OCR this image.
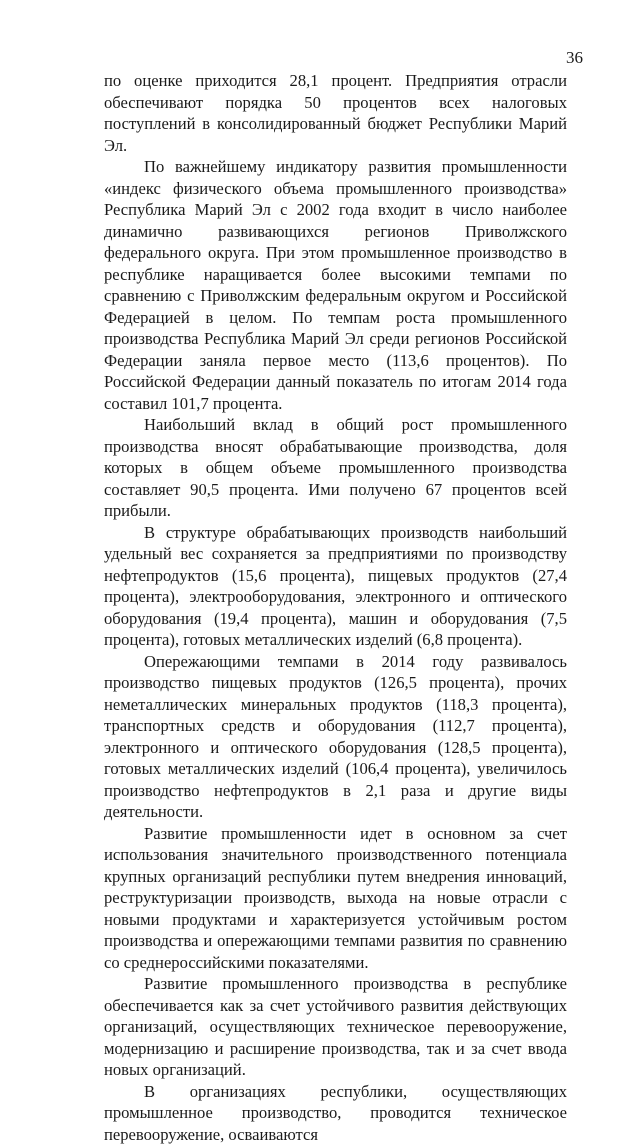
36

по оценке приходится 28,1 процент. Предприятия отрасли обеспечивают порядка 50 процентов всех налоговых поступлений в консолидированный бюджет Республики Марий Эл.

По важнейшему индикатору развития промышленности «индекс физического объема промышленного производства» Республика Марий Эл с 2002 года входит в число наиболее динамично развивающихся регионов Приволжского федерального округа. При этом промышленное производство в республике наращивается более высокими темпами по сравнению с Приволжским федеральным округом и Российской Федерацией в целом. По темпам роста промышленного производства Республика Марий Эл среди регионов Российской Федерации заняла первое место (113,6 процентов). По Российской Федерации данный показатель по итогам 2014 года составил 101,7 процента.

Наибольший вклад в общий рост промышленного производства вносят обрабатывающие производства, доля которых в общем объеме промышленного производства составляет 90,5 процента. Ими получено 67 процентов всей прибыли.

В структуре обрабатывающих производств наибольший удельный вес сохраняется за предприятиями по производству нефтепродуктов (15,6 процента), пищевых продуктов (27,4 процента), электрооборудования, электронного и оптического оборудования (19,4 процента), машин и оборудования (7,5 процента), готовых металлических изделий (6,8 процента).

Опережающими темпами в 2014 году развивалось производство пищевых продуктов (126,5 процента), прочих неметаллических минеральных продуктов (118,3 процента), транспортных средств и оборудования (112,7 процента), электронного и оптического оборудования (128,5 процента), готовых металлических изделий (106,4 процента), увеличилось производство нефтепродуктов в 2,1 раза и другие виды деятельности.

Развитие промышленности идет в основном за счет использования значительного производственного потенциала крупных организаций республики путем внедрения инноваций, реструктуризации производств, выхода на новые отрасли с новыми продуктами и характеризуется устойчивым ростом производства и опережающими темпами развития по сравнению со среднероссийскими показателями.

Развитие промышленного производства в республике обеспечивается как за счет устойчивого развития действующих организаций, осуществляющих техническое перевооружение, модернизацию и расширение производства, так и за счет ввода новых организаций.

В организациях республики, осуществляющих промышленное производство, проводится техническое перевооружение, осваиваются
